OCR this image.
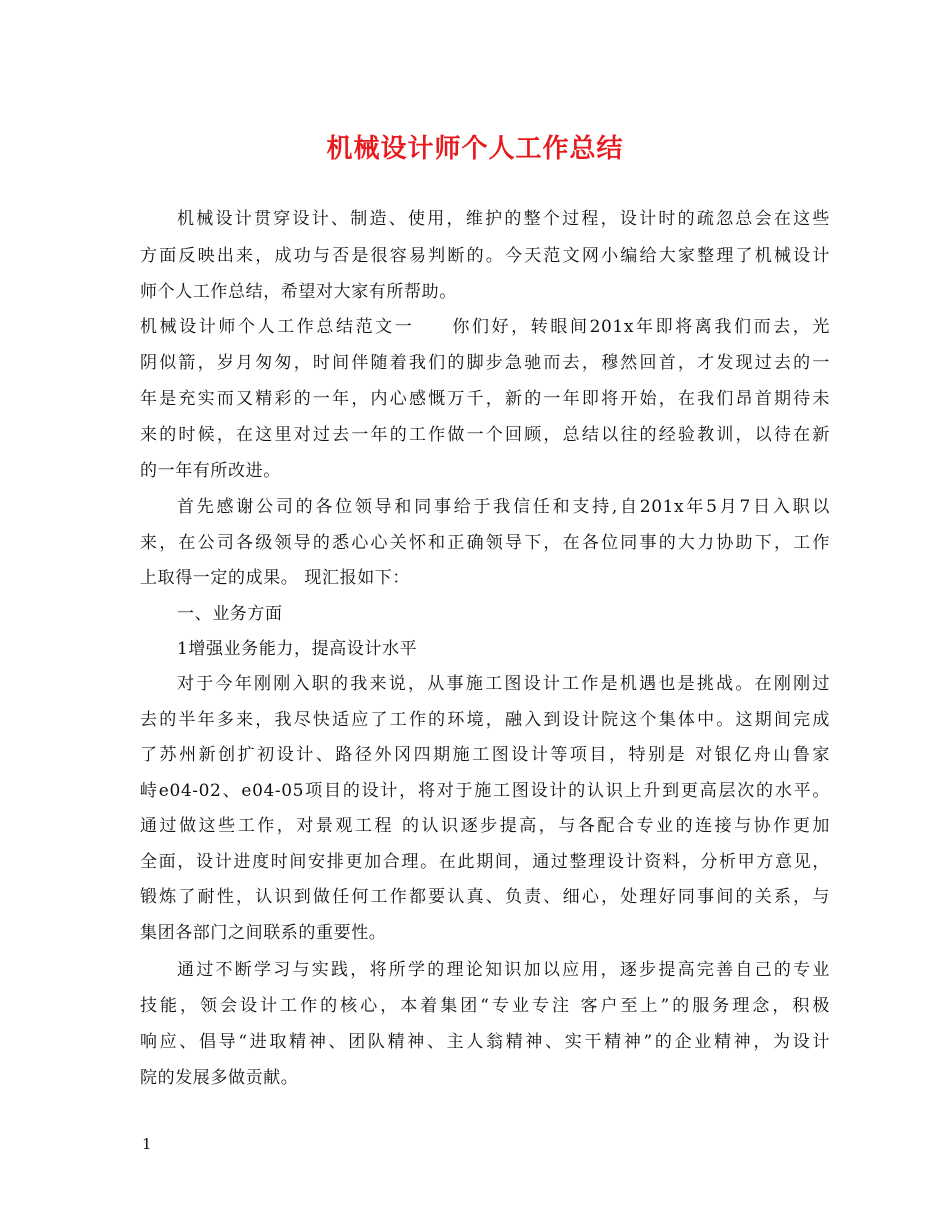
机械设计师个人工作总结
机械设计贯穿设计、制造、使用，维护的整个过程，设计时的疏忽总会在这些
方面反映出来，成功与否是很容易判断的。今天范文网小编给大家整理了机械设计
师个人工作总结，希望对大家有所帮助。
机械设计师个人工作总结范文一 你们好，转眼间201x年即将离我们而去，光
阴似箭，岁月匆匆，时间伴随着我们的脚步急驰而去，穆然回首，才发现过去的一
年是充实而又精彩的一年，内心感慨万千，新的一年即将开始，在我们昂首期待未
来的时候，在这里对过去一年的工作做一个回顾，总结以往的经验教训，以待在新
的一年有所改进。
首先感谢公司的各位领导和同事给于我信任和支持,自201x年5月7日入职以
来，在公司各级领导的悉心心关怀和正确领导下，在各位同事的大力协助下，工作
上取得一定的成果。 现汇报如下：
一、业务方面
1增强业务能力，提高设计水平
对于今年刚刚入职的我来说，从事施工图设计工作是机遇也是挑战。在刚刚过
去的半年多来，我尽快适应了工作的环境，融入到设计院这个集体中。这期间完成
了苏州新创扩初设计、路径外冈四期施工图设计等项目，特别是 对银亿舟山鲁家
峙e04-02、e04-05项目的设计，将对于施工图设计的认识上升到更高层次的水平。
通过做这些工作，对景观工程 的认识逐步提高，与各配合专业的连接与协作更加
全面，设计进度时间安排更加合理。在此期间，通过整理设计资料，分析甲方意见，
锻炼了耐性，认识到做任何工作都要认真、负责、细心，处理好同事间的关系，与
集团各部门之间联系的重要性。
通过不断学习与实践，将所学的理论知识加以应用，逐步提高完善自己的专业
技能，领会设计工作的核心，本着集团“专业专注 客户至上”的服务理念，积极
响应、倡导“进取精神、团队精神、主人翁精神、实干精神”的企业精神，为设计
院的发展多做贡献。
1
